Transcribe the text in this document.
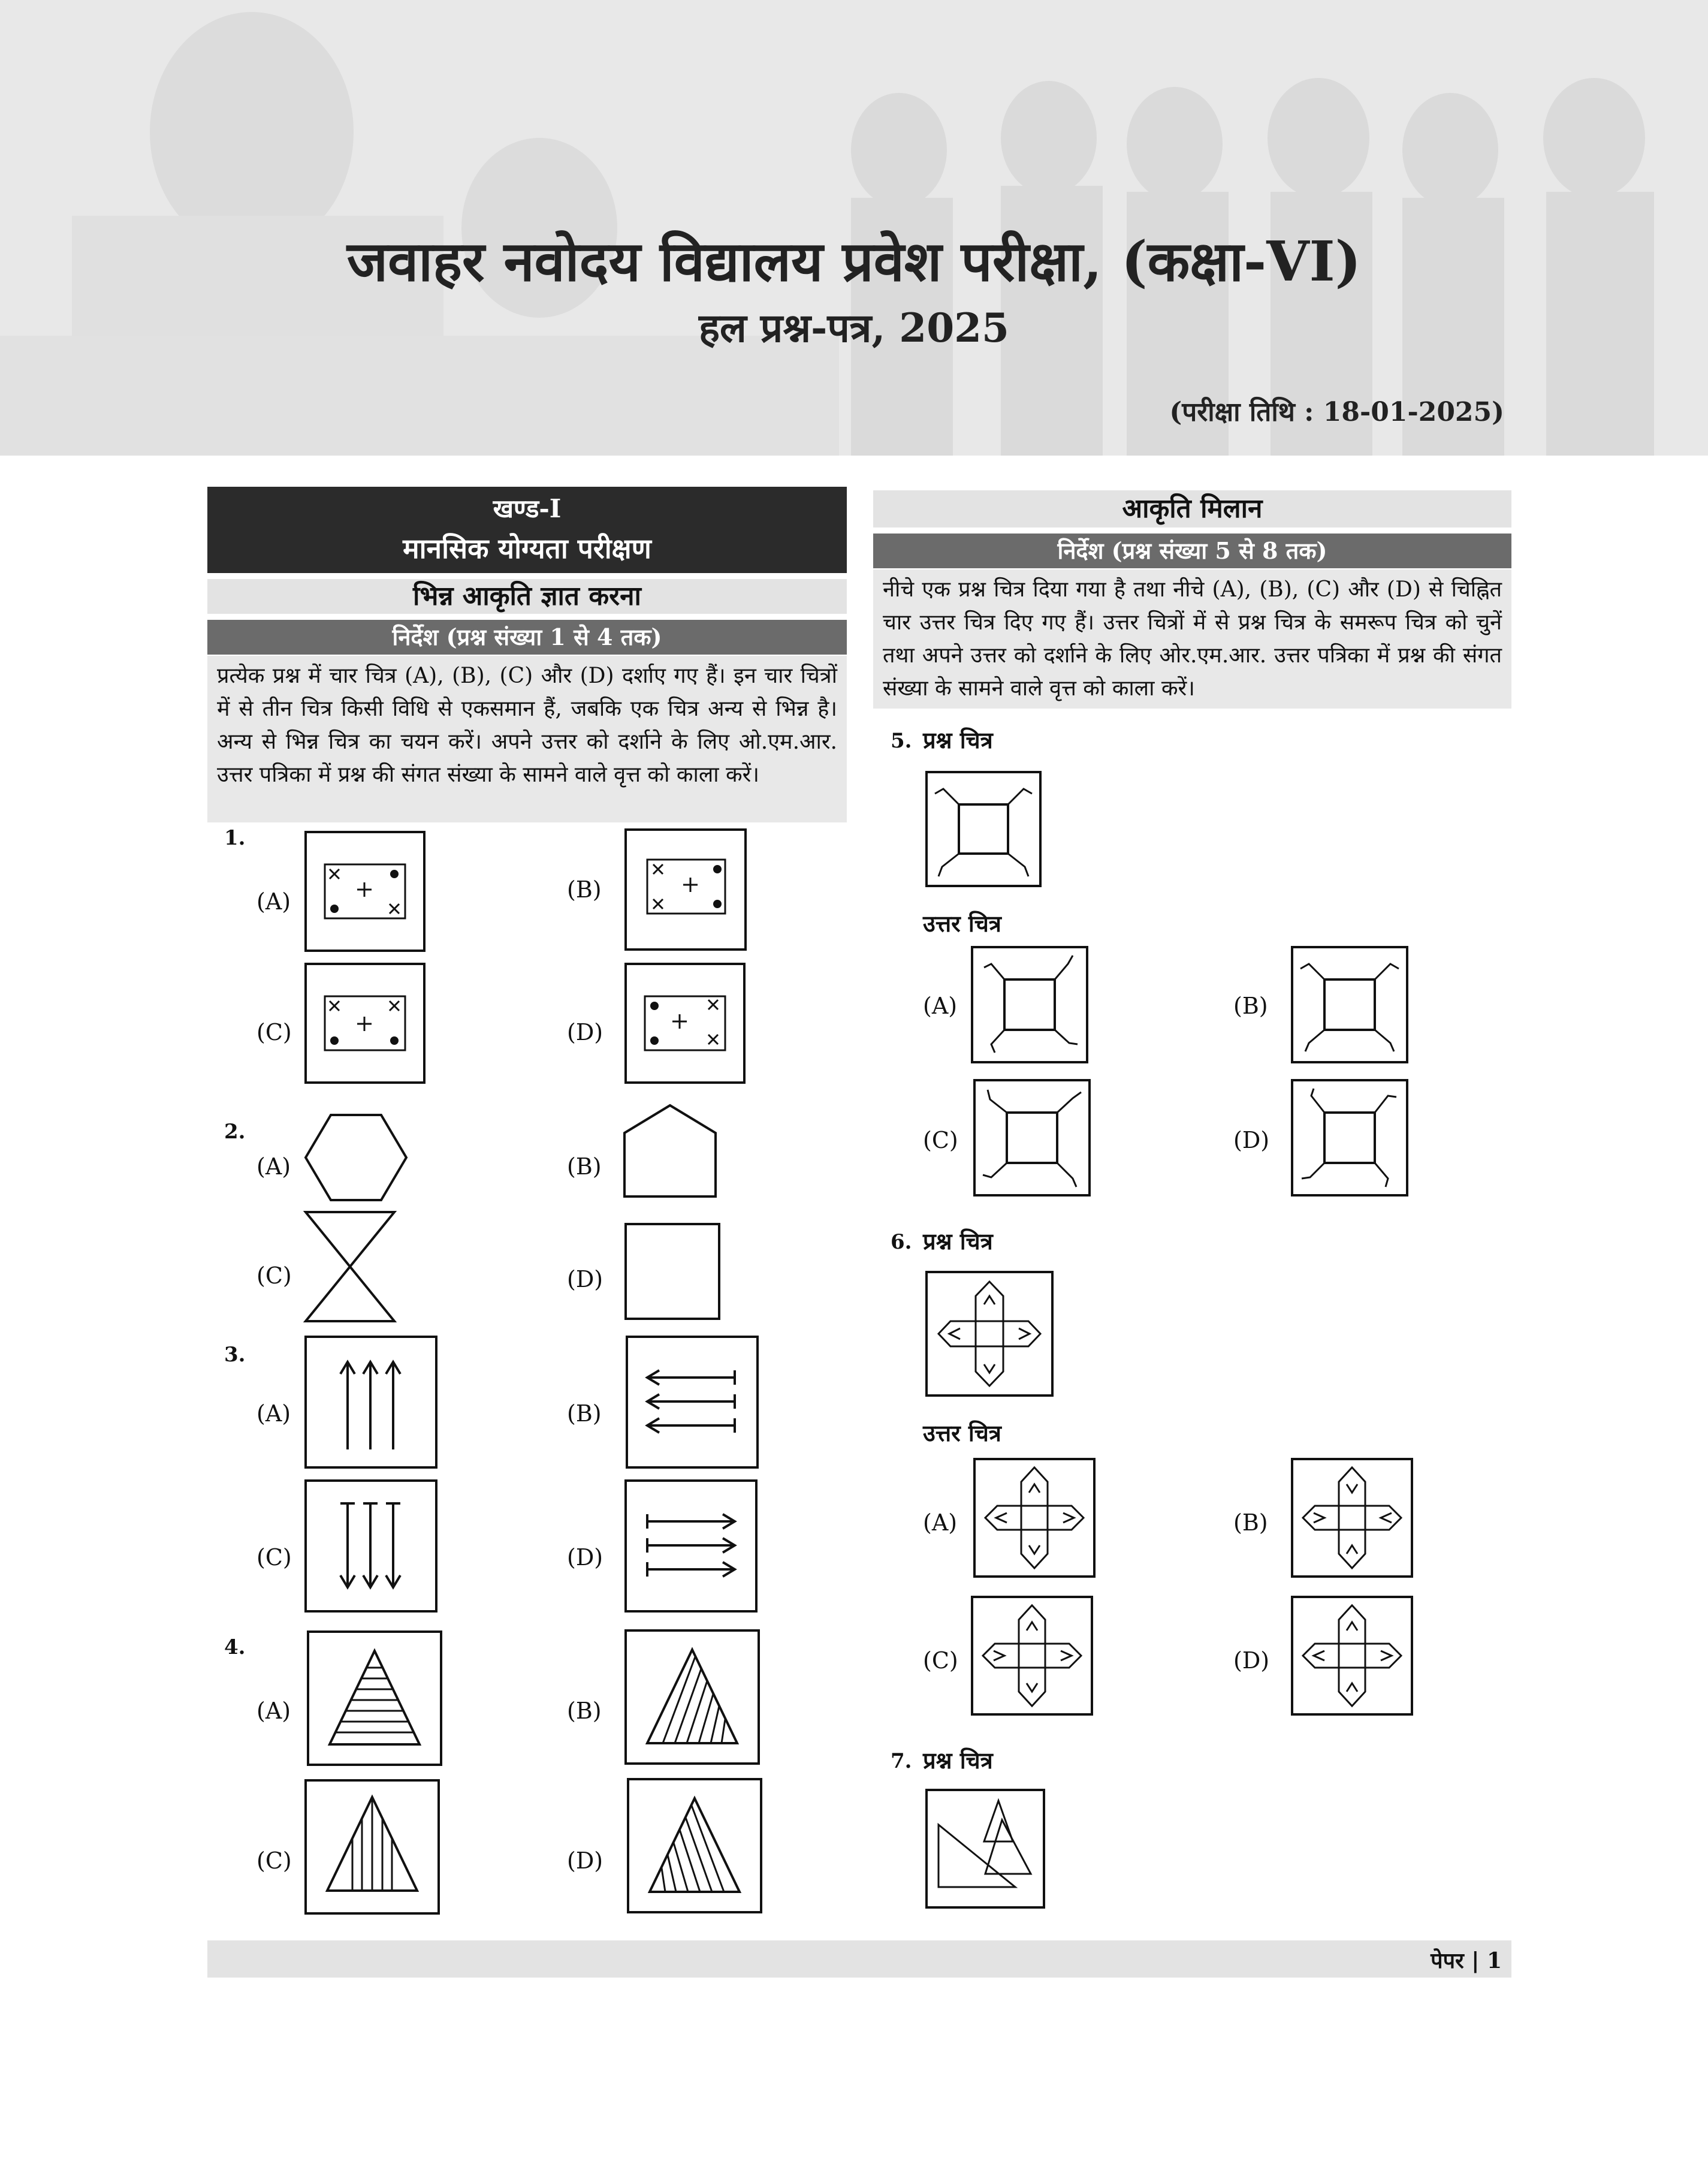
जवाहर नवोदय विद्यालय प्रवेश परीक्षा, (कक्षा-VI)
हल प्रश्न-पत्र, 2025
(परीक्षा तिथि : 18-01-2025)
खण्ड-I
मानसिक योग्यता परीक्षण
भिन्न आकृति ज्ञात करना
निर्देश (प्रश्न संख्या 1 से 4 तक)
प्रत्येक प्रश्न में चार चित्र (A), (B), (C) और (D) दर्शाए गए हैं। इन चार चित्रों में से तीन चित्र किसी विधि से एकसमान हैं, जबकि एक चित्र अन्य से भिन्न है। अन्य से भिन्न चित्र का चयन करें। अपने उत्तर को दर्शाने के लिए ओ.एम.आर. उत्तर पत्रिका में प्रश्न की संगत संख्या के सामने वाले वृत्त को काला करें।
1.
(A)	(B)
(C)	(D)
2.
(A)	(B)
(C)	(D)
3.
(A)	(B)
(C)	(D)
4.
(A)	(B)
(C)	(D)
आकृति मिलान
निर्देश (प्रश्न संख्या 5 से 8 तक)
नीचे एक प्रश्न चित्र दिया गया है तथा नीचे (A), (B), (C) और (D) से चिह्नित चार उत्तर चित्र दिए गए हैं। उत्तर चित्रों में से प्रश्न चित्र के समरूप चित्र को चुनें तथा अपने उत्तर को दर्शाने के लिए ओर.एम.आर. उत्तर पत्रिका में प्रश्न की संगत संख्या के सामने वाले वृत्त को काला करें।
5. प्रश्न चित्र
उत्तर चित्र
(A)	(B)
(C)	(D)
6. प्रश्न चित्र
उत्तर चित्र
(A)	(B)
(C)	(D)
7. प्रश्न चित्र
पेपर | 1
